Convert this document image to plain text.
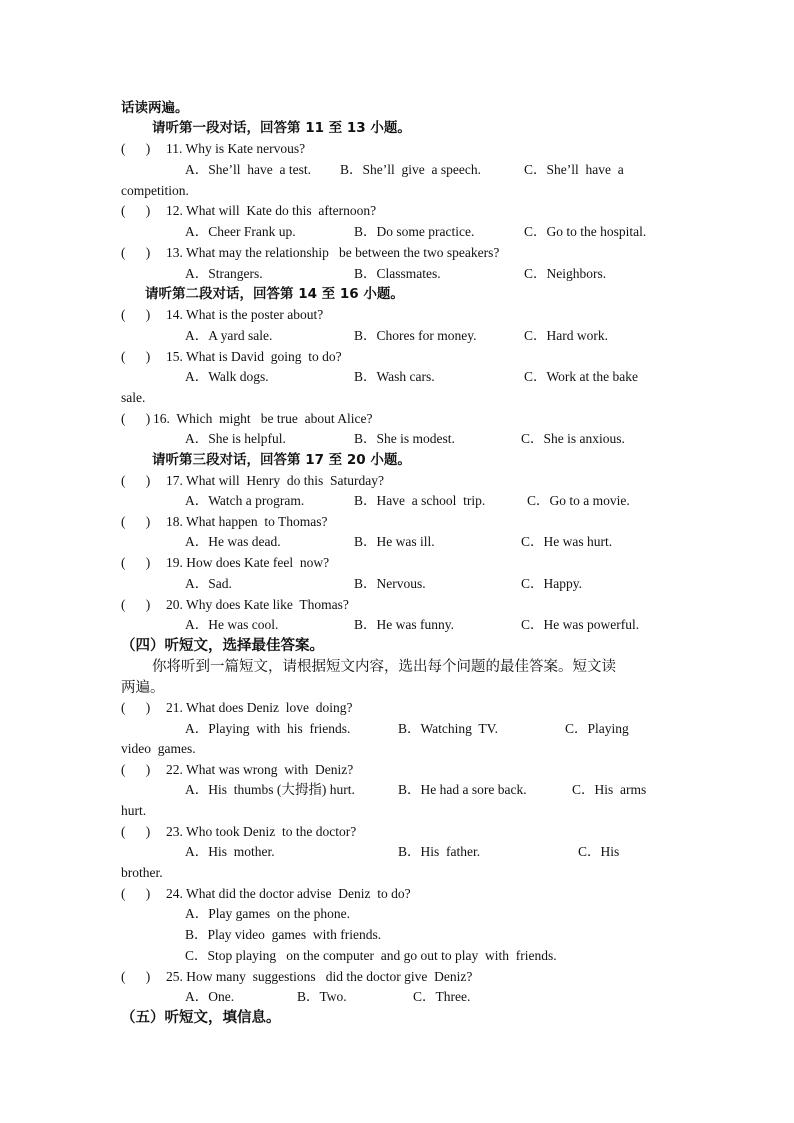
话读两遍。
请听第一段对话，回答第 11 至 13 小题。
(      ) 11. Why is Kate nervous?
A．She’ll  have  a test. B．She’ll  give  a speech.	C．She’ll  have  a
competition.
(      ) 12. What will  Kate do this  afternoon?
A．Cheer Frank up.	B．Do some practice.	C．Go to the hospital.
(      ) 13. What may the relationship   be between the two speakers?
A．Strangers.	B．Classmates.	C．Neighbors.
请听第二段对话，回答第 14 至 16 小题。
(      ) 14. What is the poster about?
A．A yard sale.	B．Chores for money.	C．Hard work.
(      ) 15. What is David  going  to do?
A．Walk dogs.	B．Wash cars.	C．Work at the bake
sale.
(      ) 16.  Which  might   be true  about Alice?
A．She is helpful.	B．She is modest.	C．She is anxious.
请听第三段对话，回答第 17 至 20 小题。
(      ) 17. What will  Henry  do this  Saturday?
A．Watch a program.	B．Have  a school  trip.	C．Go to a movie.
(      ) 18. What happen  to Thomas?
A．He was dead.	B．He was ill.	C．He was hurt.
(      ) 19. How does Kate feel  now?
A．Sad.	B．Nervous.	C．Happy.
(      ) 20. Why does Kate like  Thomas?
A．He was cool.	B．He was funny.	C．He was powerful.
（四）听短文，选择最佳答案。
你将听到一篇短文，请根据短文内容，选出每个问题的最佳答案。短文读
两遍。
(      ) 21. What does Deniz  love  doing?
A．Playing  with  his  friends.	B．Watching  TV.	C．Playing
video  games.
(      ) 22. What was wrong  with  Deniz?
A．His  thumbs (大拇指) hurt.	B．He had a sore back.	C．His  arms
hurt.
(      ) 23. Who took Deniz  to the doctor?
A．His  mother.	B．His  father.	C．His
brother.
(      ) 24. What did the doctor advise  Deniz  to do?
A．Play games  on the phone.
B．Play video  games  with friends.
C．Stop playing   on the computer  and go out to play  with  friends.
(      ) 25. How many  suggestions   did the doctor give  Deniz?
A．One.	B．Two.	C．Three.
（五）听短文，填信息。
